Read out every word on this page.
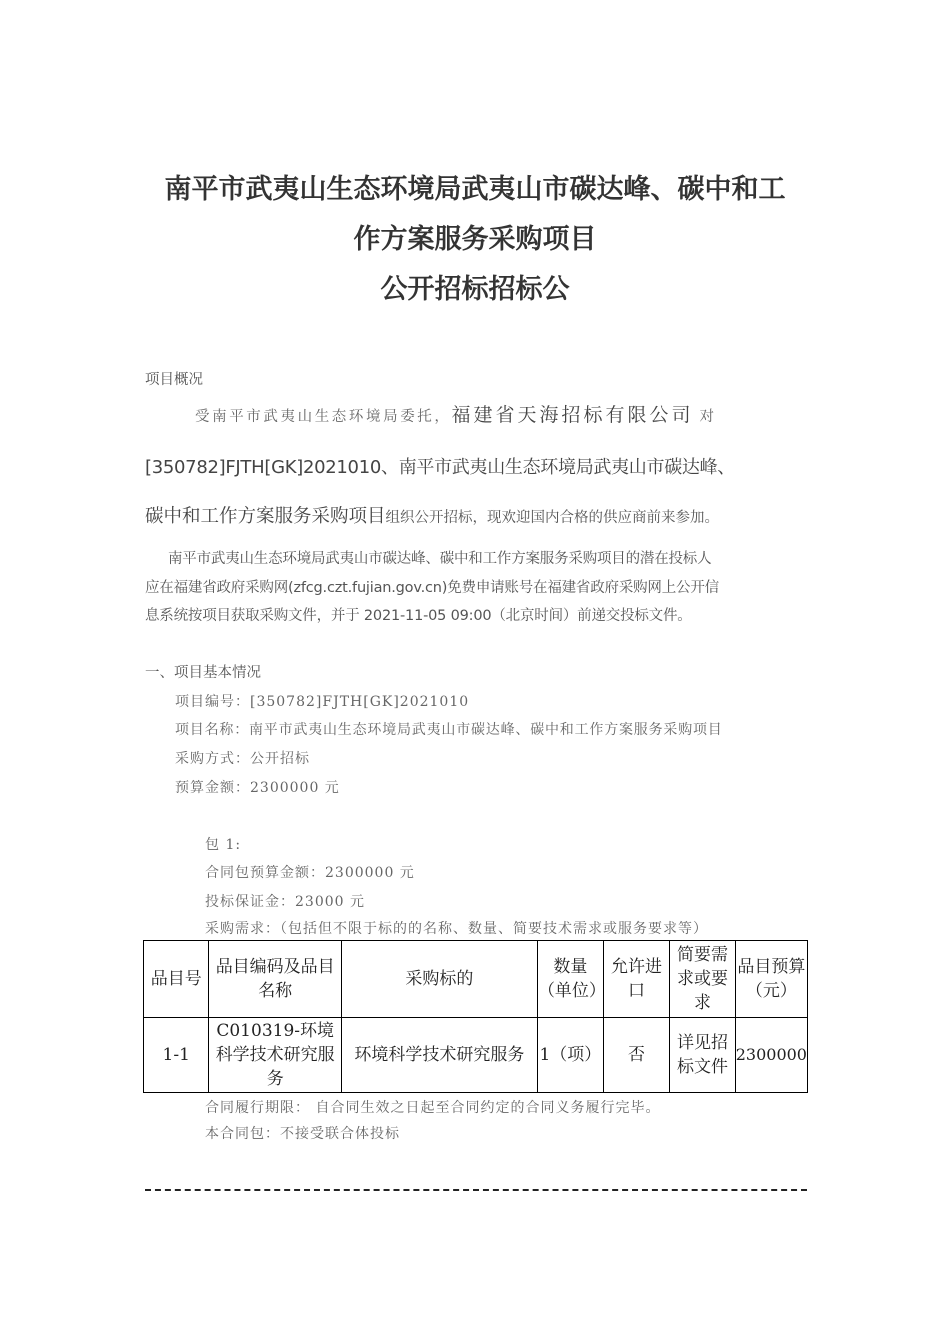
南平市武夷山生态环境局武夷山市碳达峰、碳中和工
作方案服务采购项目
公开招标招标公
项目概况
受南平市武夷山生态环境局委托，福建省天海招标有限公司 对
[350782]FJTH[GK]2021010、南平市武夷山生态环境局武夷山市碳达峰、
碳中和工作方案服务采购项目组织公开招标，现欢迎国内合格的供应商前来参加。
南平市武夷山生态环境局武夷山市碳达峰、碳中和工作方案服务采购项目的潜在投标人
应在福建省政府采购网(zfcg.czt.fujian.gov.cn)免费申请账号在福建省政府采购网上公开信
息系统按项目获取采购文件，并于 2021-11-05 09:00（北京时间）前递交投标文件。
一、项目基本情况
项目编号：[350782]FJTH[GK]2021010
项目名称：南平市武夷山生态环境局武夷山市碳达峰、碳中和工作方案服务采购项目
采购方式：公开招标
预算金额：2300000 元
包 1:
合同包预算金额：2300000 元
投标保证金：23000 元
采购需求：（包括但不限于标的的名称、数量、简要技术需求或服务要求等）
品目号	品目编码及品目名称	采购标的	数量（单位）	允许进口	简要需求或要求	品目预算（元）
1-1	C010319-环境科学技术研究服务	环境科学技术研究服务	1（项）	否	详见招标文件	2300000
合同履行期限： 自合同生效之日起至合同约定的合同义务履行完毕。
本合同包：不接受联合体投标
